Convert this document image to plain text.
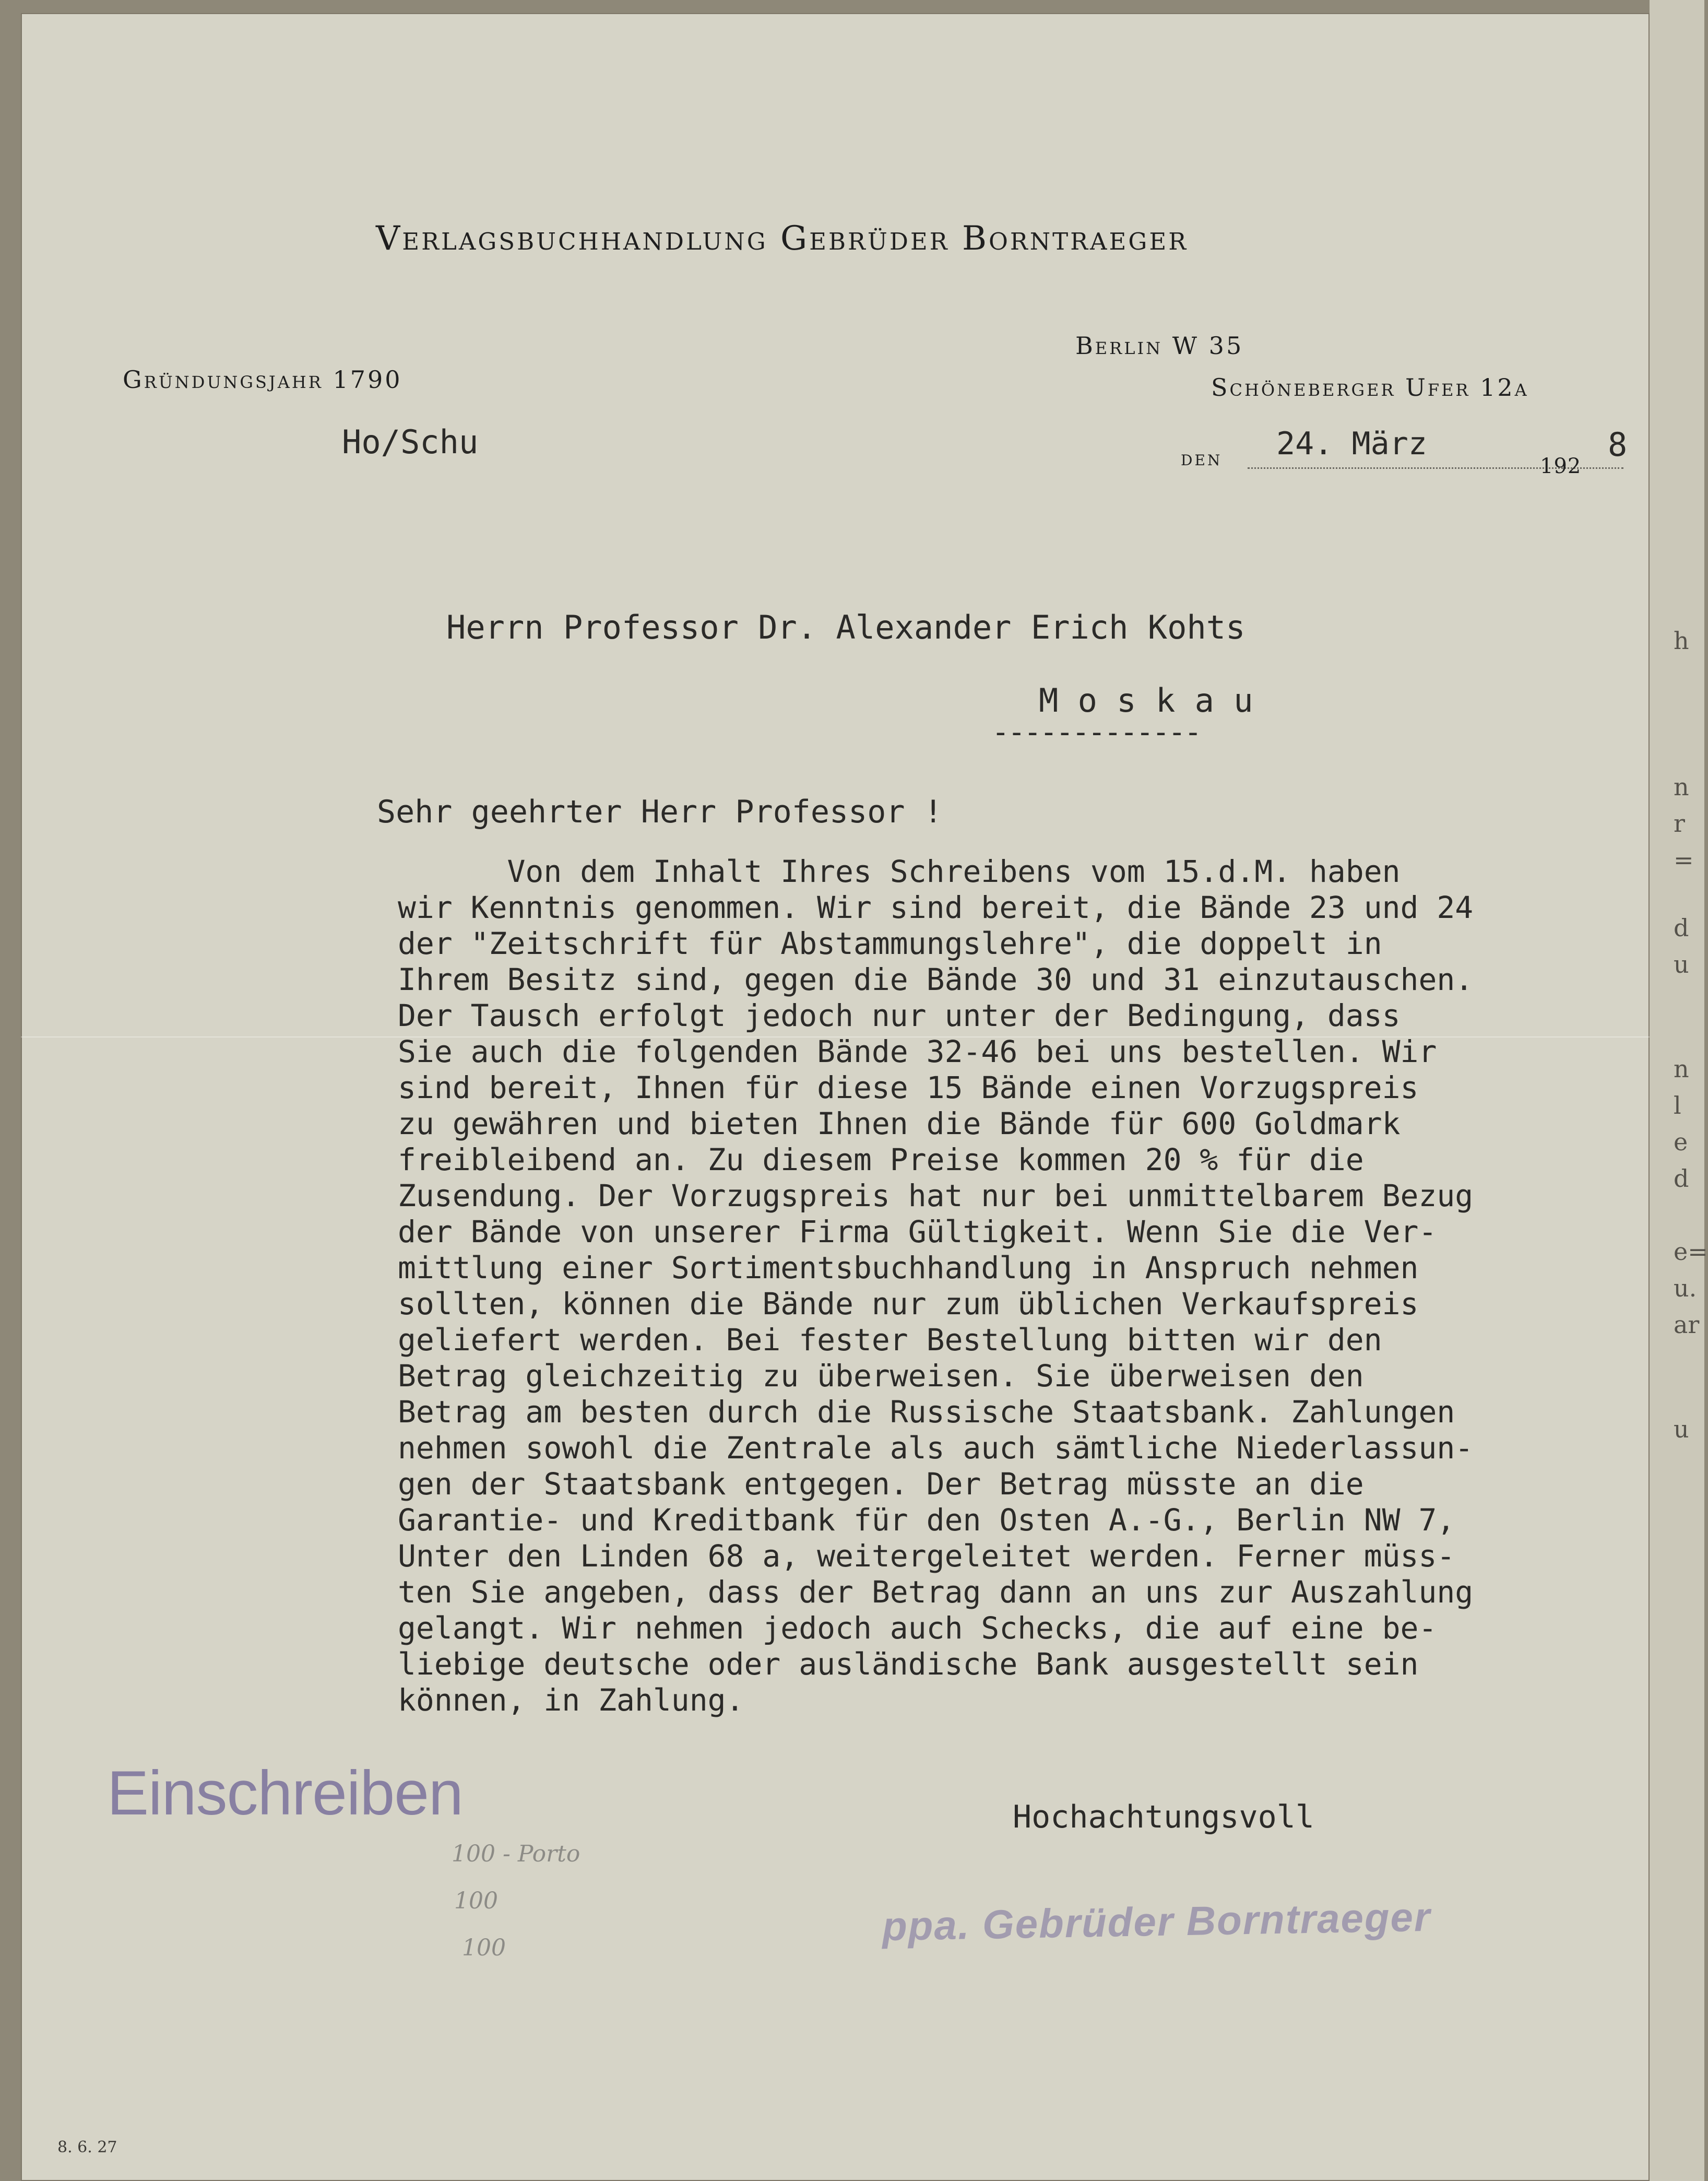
Verlagsbuchhandlung Gebrüder Borntraeger
Gründungsjahr 1790
Berlin W 35
Schöneberger Ufer 12a
Ho/Schu	den 24. März
192
8
Herrn Professor Dr. Alexander Erich Kohts
M o s k a u
-------------
Sehr geehrter Herr Professor !
Von dem Inhalt Ihres Schreibens vom 15.d.M. haben
wir Kenntnis genommen. Wir sind bereit, die Bände 23 und 24
der "Zeitschrift für Abstammungslehre", die doppelt in
Ihrem Besitz sind, gegen die Bände 30 und 31 einzutauschen.
Der Tausch erfolgt jedoch nur unter der Bedingung, dass
Sie auch die folgenden Bände 32-46 bei uns bestellen. Wir
sind bereit, Ihnen für diese 15 Bände einen Vorzugspreis
zu gewähren und bieten Ihnen die Bände für 600 Goldmark
freibleibend an. Zu diesem Preise kommen 20 % für die
Zusendung. Der Vorzugspreis hat nur bei unmittelbarem Bezug
der Bände von unserer Firma Gültigkeit. Wenn Sie die Ver-
mittlung einer Sortimentsbuchhandlung in Anspruch nehmen
sollten, können die Bände nur zum üblichen Verkaufspreis
geliefert werden. Bei fester Bestellung bitten wir den
Betrag gleichzeitig zu überweisen. Sie überweisen den
Betrag am besten durch die Russische Staatsbank. Zahlungen
nehmen sowohl die Zentrale als auch sämtliche Niederlassun-
gen der Staatsbank entgegen. Der Betrag müsste an die
Garantie- und Kreditbank für den Osten A.-G., Berlin NW 7,
Unter den Linden 68 a, weitergeleitet werden. Ferner müss-
ten Sie angeben, dass der Betrag dann an uns zur Auszahlung
gelangt. Wir nehmen jedoch auch Schecks, die auf eine be-
liebige deutsche oder ausländische Bank ausgestellt sein
können, in Zahlung.
Hochachtungsvoll
Einschreiben
ppa. Gebrüder Borntraeger
100 - Porto
100
100
8. 6. 27
h
n
r
=
d
u
n
l
e
d
e=
u.
ar
u
